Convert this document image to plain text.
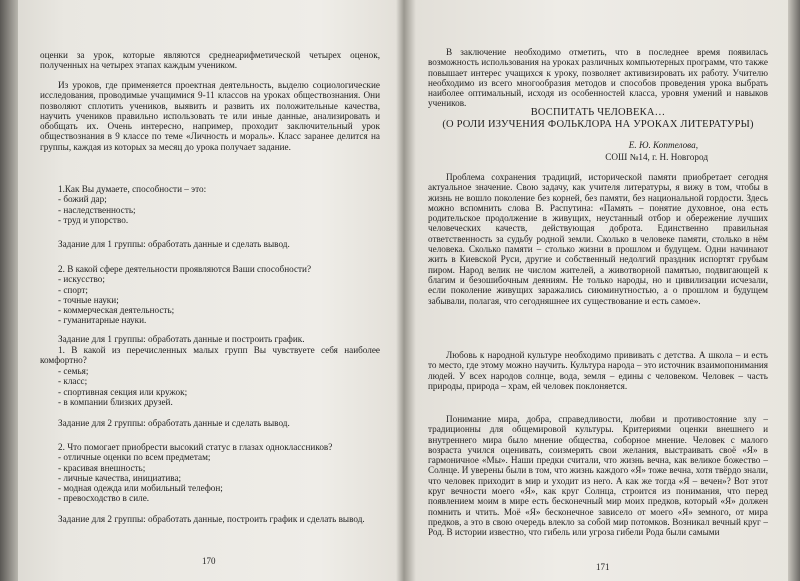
оценки за урок, которые являются среднеарифметической четырех оценок, полученных на четырех этапах каждым учеником.

Из уроков, где применяется проектная деятельность, выделю социологические исследования, проводимые учащимися 9-11 классов на уроках обществознания. Они позволяют сплотить учеников, выявить и развить их положительные качества, научить учеников правильно использовать те или иные данные, анализировать и обобщать их. Очень интересно, например, проходит заключительный урок обществознания в 9 классе по теме «Личность и мораль». Класс заранее делится на группы, каждая из которых за месяц до урока получает задание.

1.Как Вы думаете, способности – это:
- божий дар;
- наследственность;
- труд и упорство.

Задание для 1 группы: обработать данные и сделать вывод.

2. В какой сфере деятельности проявляются Ваши способности?
- искусство;
- спорт;
- точные науки;
- коммерческая деятельность;
- гуманитарные науки.

Задание для 1 группы: обработать данные и построить график.

1. В какой из перечисленных малых групп Вы чувствуете себя наиболее комфортно?

- семья;
- класс;
- спортивная секция или кружок;
- в компании близких друзей.

Задание для 2 группы: обработать данные и сделать вывод.

2. Что помогает приобрести высокий статус в глазах одноклассников?
- отличные оценки по всем предметам;
- красивая внешность;
- личные качества, инициатива;
- модная одежда или мобильный телефон;
- превосходство в силе.

Задание для 2 группы: обработать данные, построить график и сделать вывод.

170

В заключение необходимо отметить, что в последнее время появилась возможность использования на уроках различных компьютерных программ, что также повышает интерес учащихся к уроку, позволяет активизировать их работу. Учителю необходимо из всего многообразия методов и способов проведения урока выбрать наиболее оптимальный, исходя из особенностей класса, уровня умений и навыков учеников.

ВОСПИТАТЬ ЧЕЛОВЕКА…
(О РОЛИ ИЗУЧЕНИЯ ФОЛЬКЛОРА НА УРОКАХ ЛИТЕРАТУРЫ)
Е. Ю. Коптелова,
СОШ №14, г. Н. Новгород

Проблема сохранения традиций, исторической памяти приобретает сегодня актуальное значение. Свою задачу, как учителя литературы, я вижу в том, чтобы в жизнь не вошло поколение без корней, без памяти, без национальной гордости. Здесь можно вспомнить слова В. Распутина: «Память – понятие духовное, она есть родительское продолжение в живущих, неустанный отбор и обережение лучших человеческих качеств, действующая доброта. Единственно правильная ответственность за судьбу родной земли. Сколько в человеке памяти, столько в нём человека. Сколько памяти – столько жизни в прошлом и будущем. Одни начинают жить в Киевской Руси, другие и собственный недолгий праздник испортят грубым пиром. Народ велик не числом жителей, а животворной памятью, подвигающей к благим и безошибочным деяниям. Не только народы, но и цивилизации исчезали, если поколение живущих заражались сиюминутностью, а о прошлом и будущем забывали, полагая, что сегодняшнее их существование и есть самое».

Любовь к народной культуре необходимо прививать с детства. А школа – и есть то место, где этому можно научить. Культура народа – это источник взаимопонимания людей. У всех народов солнце, вода, земля – едины с человеком. Человек – часть природы, природа – храм, ей человек поклоняется.

Понимание мира, добра, справедливости, любви и противостояние злу – традиционны для общемировой культуры. Критериями оценки внешнего и внутреннего мира было мнение общества, соборное мнение. Человек с малого возраста учился оценивать, соизмерять свои желания, выстраивать своё «Я» в гармоничное «Мы». Наши предки считали, что жизнь вечна, как великое божество – Солнце. И уверены были в том, что жизнь каждого «Я» тоже вечна, хотя твёрдо знали, что человек приходит в мир и уходит из него. А как же тогда «Я – вечен»? Вот этот круг вечности моего «Я», как круг Солнца, строится из понимания, что перед появлением моим в мире есть бесконечный мир моих предков, который «Я» должен помнить и чтить. Моё «Я» бесконечное зависело от моего «Я» земного, от мира предков, а это в свою очередь влекло за собой мир потомков. Возникал вечный круг – Род. В истории известно, что гибель или угроза гибели Рода были самыми

171
